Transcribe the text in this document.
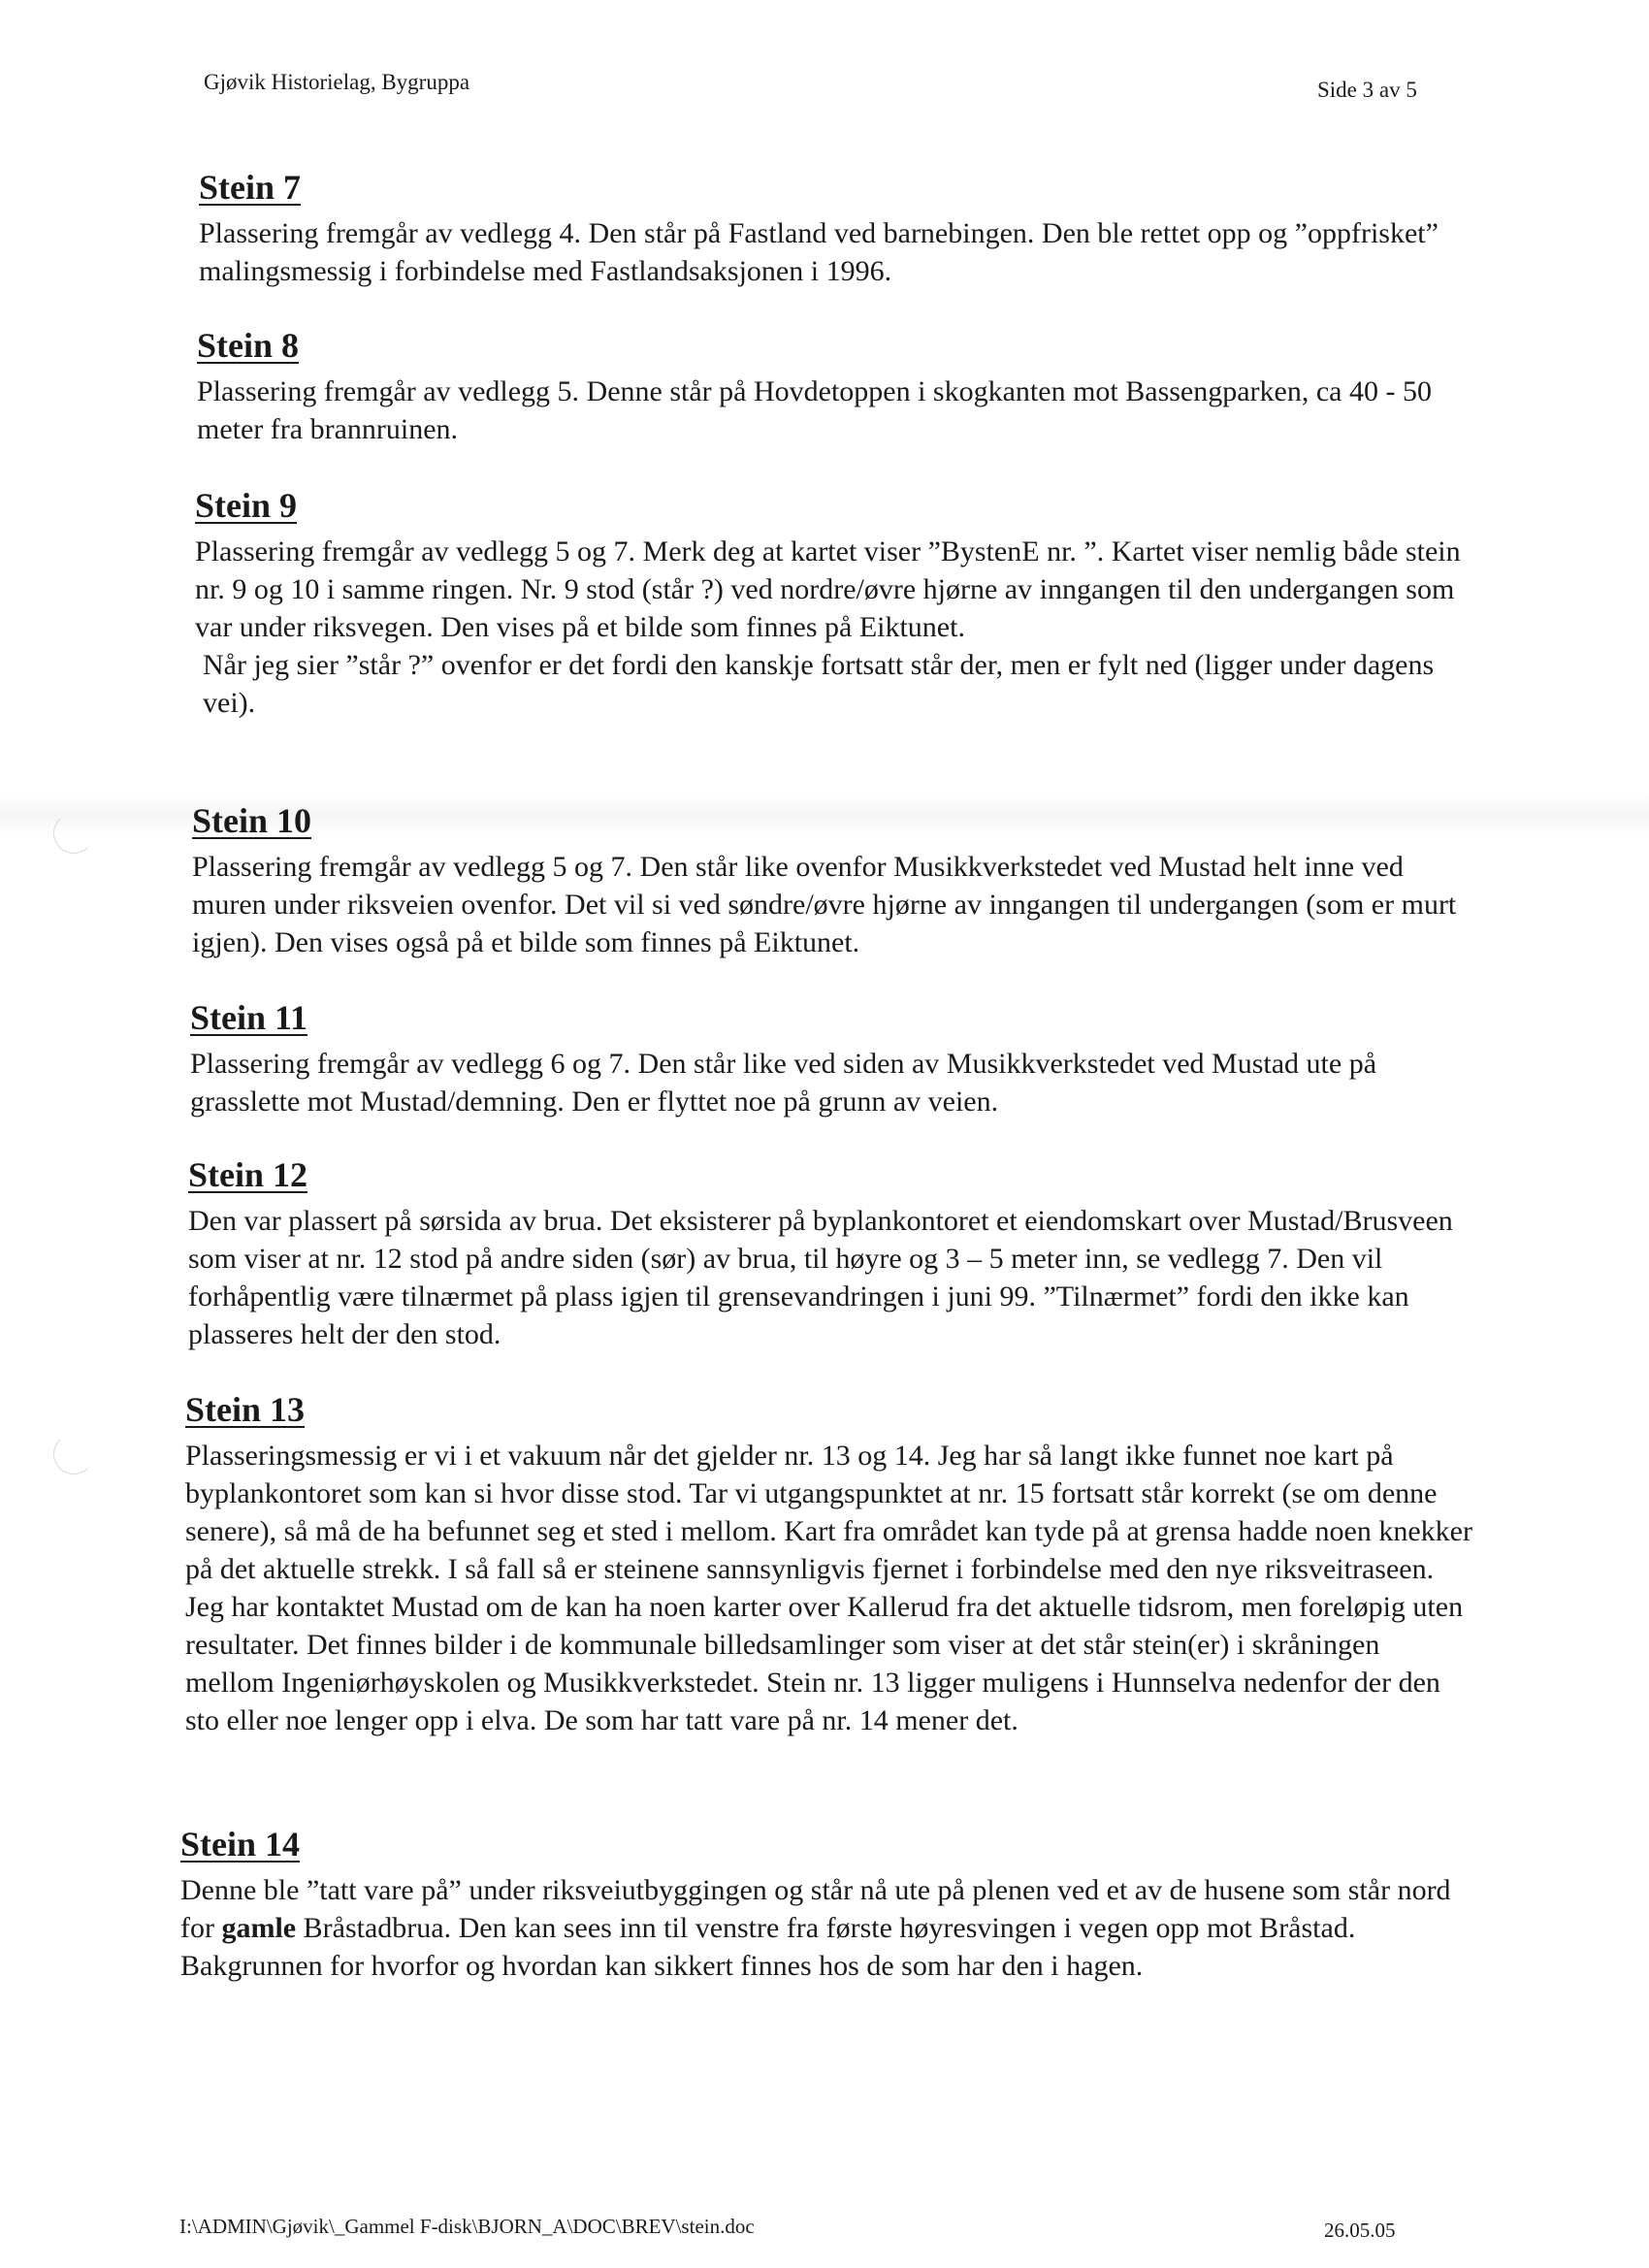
Gjøvik Historielag, Bygruppa	Side 3 av 5
Stein 7

Plassering fremgår av vedlegg 4. Den står på Fastland ved barnebingen. Den ble rettet opp og ”oppfrisket” malingsmessig i forbindelse med Fastlandsaksjonen i 1996.

Stein 8

Plassering fremgår av vedlegg 5. Denne står på Hovdetoppen i skogkanten mot Bassengparken, ca 40 - 50 meter fra brannruinen.

Stein 9

Plassering fremgår av vedlegg 5 og 7. Merk deg at kartet viser ”BystenE nr. ”. Kartet viser nemlig både stein nr. 9 og 10 i samme ringen. Nr. 9 stod (står ?) ved nordre/øvre hjørne av inngangen til den undergangen som var under riksvegen. Den vises på et bilde som finnes på Eiktunet.

Når jeg sier ”står ?” ovenfor er det fordi den kanskje fortsatt står der, men er fylt ned (ligger under dagens vei).

Stein 10

Plassering fremgår av vedlegg 5 og 7. Den står like ovenfor Musikkverkstedet ved Mustad helt inne ved muren under riksveien ovenfor. Det vil si ved søndre/øvre hjørne av inngangen til undergangen (som er murt igjen). Den vises også på et bilde som finnes på Eiktunet.

Stein 11

Plassering fremgår av vedlegg 6 og 7. Den står like ved siden av Musikkverkstedet ved Mustad ute på grasslette mot Mustad/demning. Den er flyttet noe på grunn av veien.

Stein 12

Den var plassert på sørsida av brua. Det eksisterer på byplankontoret et eiendomskart over Mustad/Brusveen som viser at nr. 12 stod på andre siden (sør) av brua, til høyre og 3 – 5 meter inn, se vedlegg 7. Den vil forhåpentlig være tilnærmet på plass igjen til grensevandringen i juni 99. ”Tilnærmet” fordi den ikke kan plasseres helt der den stod.

Stein 13

Plasseringsmessig er vi i et vakuum når det gjelder nr. 13 og 14. Jeg har så langt ikke funnet noe kart på byplankontoret som kan si hvor disse stod. Tar vi utgangspunktet at nr. 15 fortsatt står korrekt (se om denne senere), så må de ha befunnet seg et sted i mellom. Kart fra området kan tyde på at grensa hadde noen knekker på det aktuelle strekk. I så fall så er steinene sannsynligvis fjernet i forbindelse med den nye riksveitraseen. Jeg har kontaktet Mustad om de kan ha noen karter over Kallerud fra det aktuelle tidsrom, men foreløpig uten resultater. Det finnes bilder i de kommunale billedsamlinger som viser at det står stein(er) i skråningen mellom Ingeniørhøyskolen og Musikkverkstedet. Stein nr. 13 ligger muligens i Hunnselva nedenfor der den sto eller noe lenger opp i elva. De som har tatt vare på nr. 14 mener det.

Stein 14

Denne ble ”tatt vare på” under riksveiutbyggingen og står nå ute på plenen ved et av de husene som står nord for gamle Bråstadbrua. Den kan sees inn til venstre fra første høyresvingen i vegen opp mot Bråstad. Bakgrunnen for hvorfor og hvordan kan sikkert finnes hos de som har den i hagen.

I:\ADMIN\Gjøvik\_Gammel F-disk\BJORN_A\DOC\BREV\stein.doc	26.05.05
